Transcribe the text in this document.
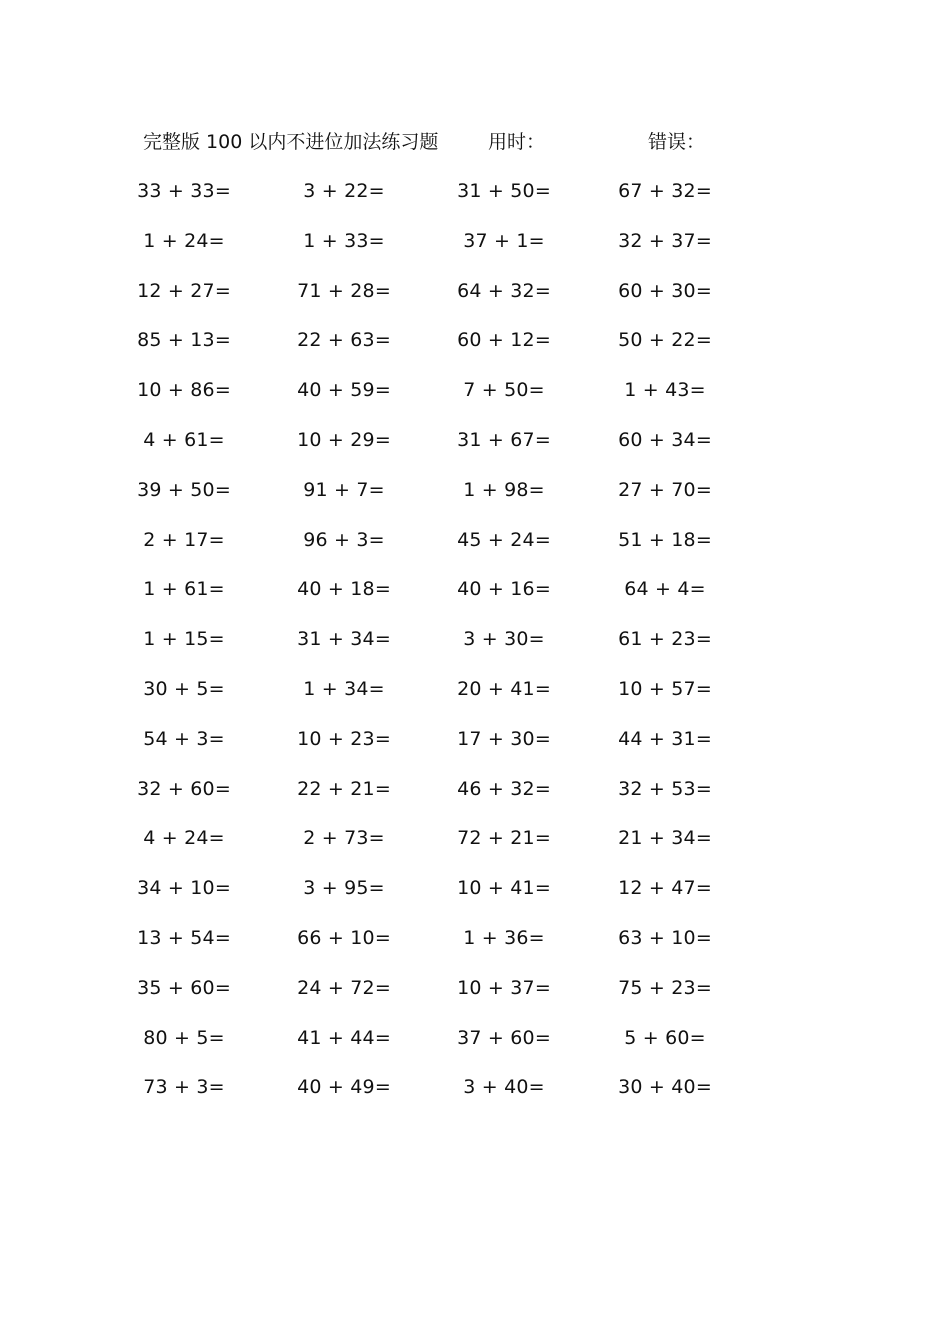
完整版 100 以内不进位加法练习题	用时：	错误：
33 + 33=	3 + 22=	31 + 50=	67 + 32=
1 + 24=	1 + 33=	37 + 1=	32 + 37=
12 + 27=	71 + 28=	64 + 32=	60 + 30=
85 + 13=	22 + 63=	60 + 12=	50 + 22=
10 + 86=	40 + 59=	7 + 50=	1 + 43=
4 + 61=	10 + 29=	31 + 67=	60 + 34=
39 + 50=	91 + 7=	1 + 98=	27 + 70=
2 + 17=	96 + 3=	45 + 24=	51 + 18=
1 + 61=	40 + 18=	40 + 16=	64 + 4=
1 + 15=	31 + 34=	3 + 30=	61 + 23=
30 + 5=	1 + 34=	20 + 41=	10 + 57=
54 + 3=	10 + 23=	17 + 30=	44 + 31=
32 + 60=	22 + 21=	46 + 32=	32 + 53=
4 + 24=	2 + 73=	72 + 21=	21 + 34=
34 + 10=	3 + 95=	10 + 41=	12 + 47=
13 + 54=	66 + 10=	1 + 36=	63 + 10=
35 + 60=	24 + 72=	10 + 37=	75 + 23=
80 + 5=	41 + 44=	37 + 60=	5 + 60=
73 + 3=	40 + 49=	3 + 40=	30 + 40=
